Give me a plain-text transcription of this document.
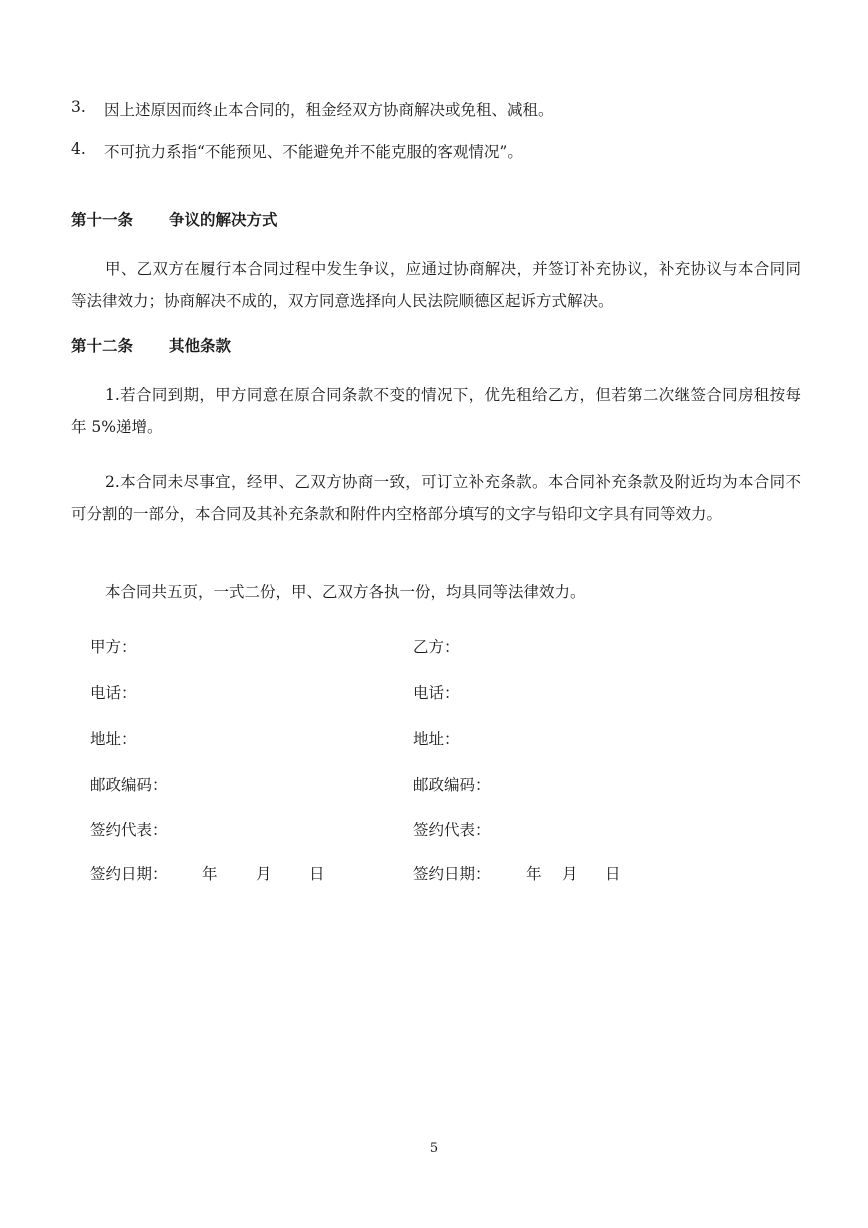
3. 因上述原因而终止本合同的，租金经双方协商解决或免租、减租。
4. 不可抗力系指“不能预见、不能避免并不能克服的客观情况”。
第十一条 争议的解决方式
甲、乙双方在履行本合同过程中发生争议，应通过协商解决，并签订补充协议，补充协议与本合同同等法律效力；协商解决不成的，双方同意选择向人民法院顺德区起诉方式解决。
第十二条 其他条款
1.若合同到期，甲方同意在原合同条款不变的情况下，优先租给乙方，但若第二次继签合同房租按每年 5%递增。
2.本合同未尽事宜，经甲、乙双方协商一致，可订立补充条款。本合同补充条款及附近均为本合同不可分割的一部分，本合同及其补充条款和附件内空格部分填写的文字与铅印文字具有同等效力。
本合同共五页，一式二份，甲、乙双方各执一份，均具同等法律效力。
甲方：
电话：
地址：
邮政编码：
签约代表：
签约日期： 年 月 日
乙方：
电话：
地址：
邮政编码：
签约代表：
签约日期： 年 月 日
5
